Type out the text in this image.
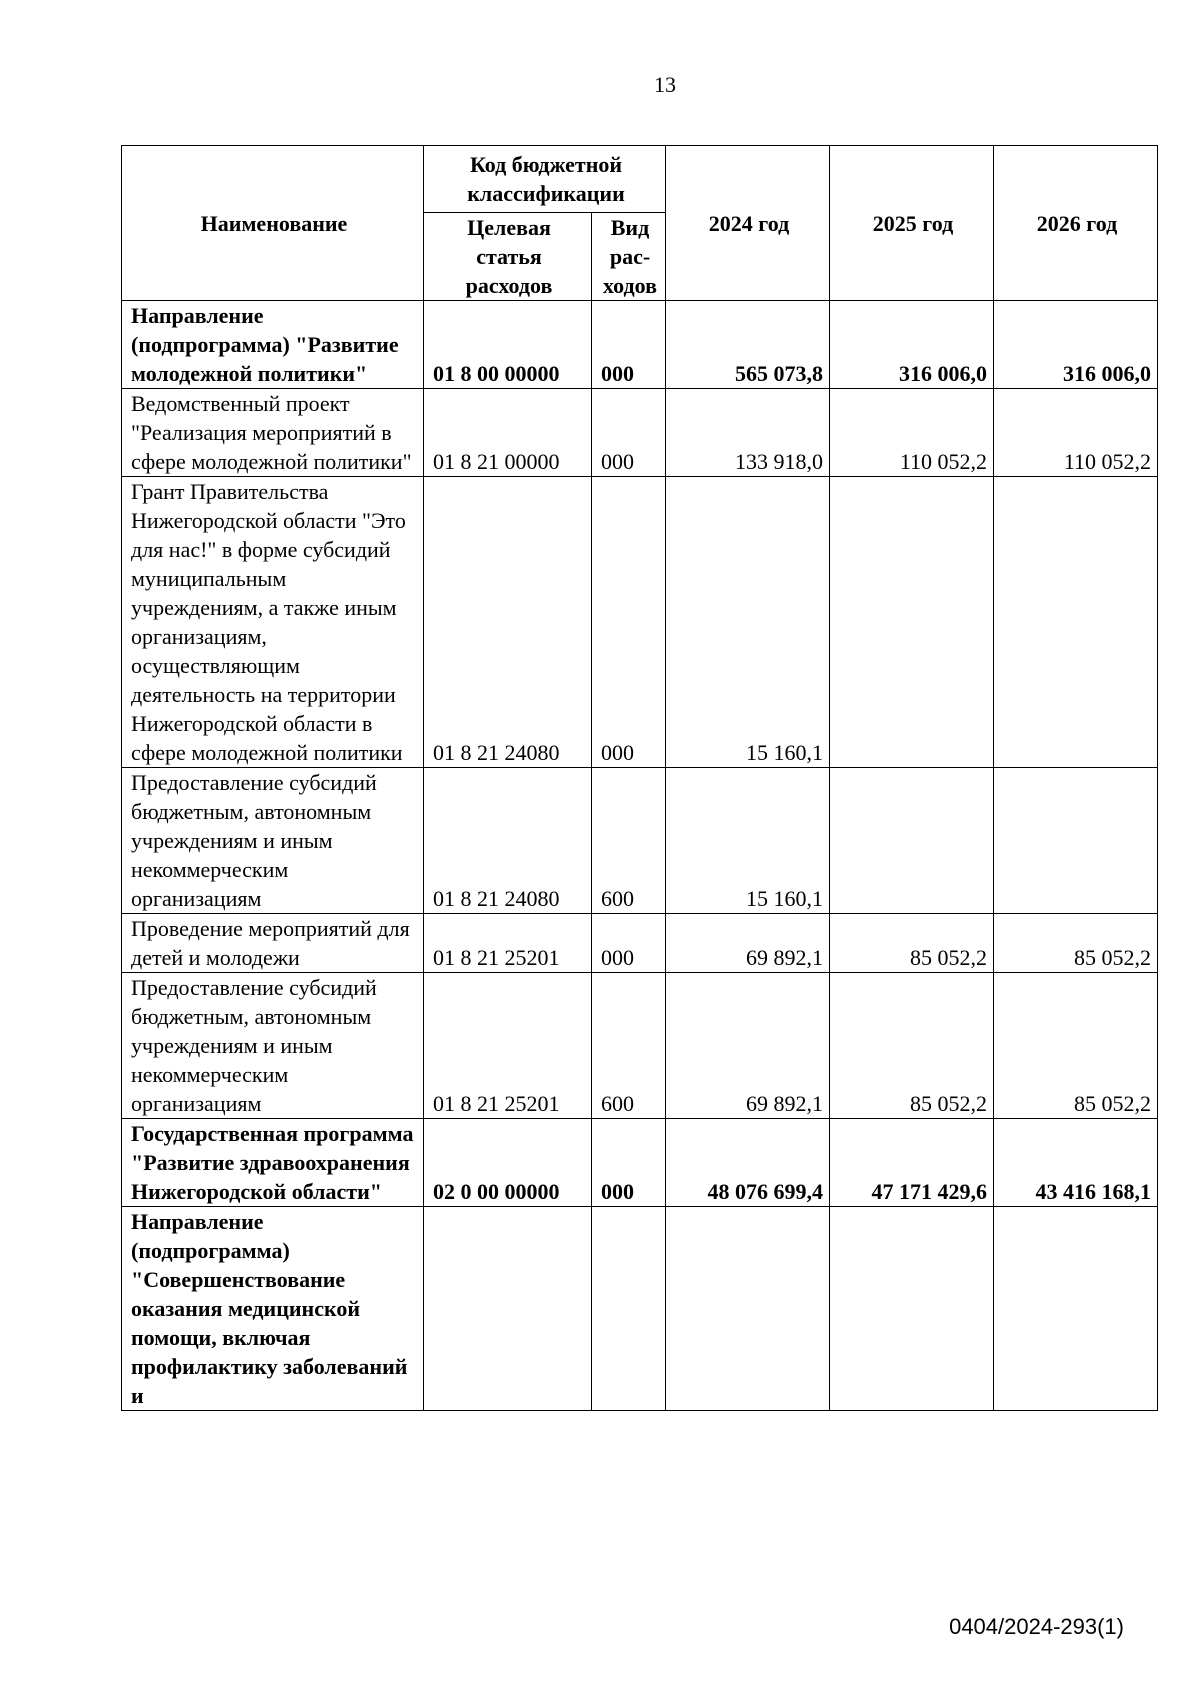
13
Наименование	Код бюджетной классификации		2024 год	2025 год	2026 год
	Целевая статья расходов	Вид рас-ходов			
Направление (подпрограмма) "Развитие молодежной политики"	01 8 00 00000	000	565 073,8	316 006,0	316 006,0
Ведомственный проект "Реализация мероприятий в сфере молодежной политики"	01 8 21 00000	000	133 918,0	110 052,2	110 052,2
Грант Правительства Нижегородской области "Это для нас!" в форме субсидий муниципальным учреждениям, а также иным организациям, осуществляющим деятельность на территории Нижегородской области в сфере молодежной политики	01 8 21 24080	000	15 160,1		
Предоставление субсидий бюджетным, автономным учреждениям и иным некоммерческим организациям	01 8 21 24080	600	15 160,1		
Проведение мероприятий для детей и молодежи	01 8 21 25201	000	69 892,1	85 052,2	85 052,2
Предоставление субсидий бюджетным, автономным учреждениям и иным некоммерческим организациям	01 8 21 25201	600	69 892,1	85 052,2	85 052,2
Государственная программа "Развитие здравоохранения Нижегородской области"	02 0 00 00000	000	48 076 699,4	47 171 429,6	43 416 168,1
Направление (подпрограмма) "Совершенствование оказания медицинской помощи, включая профилактику заболеваний и					
0404/2024-293(1)
